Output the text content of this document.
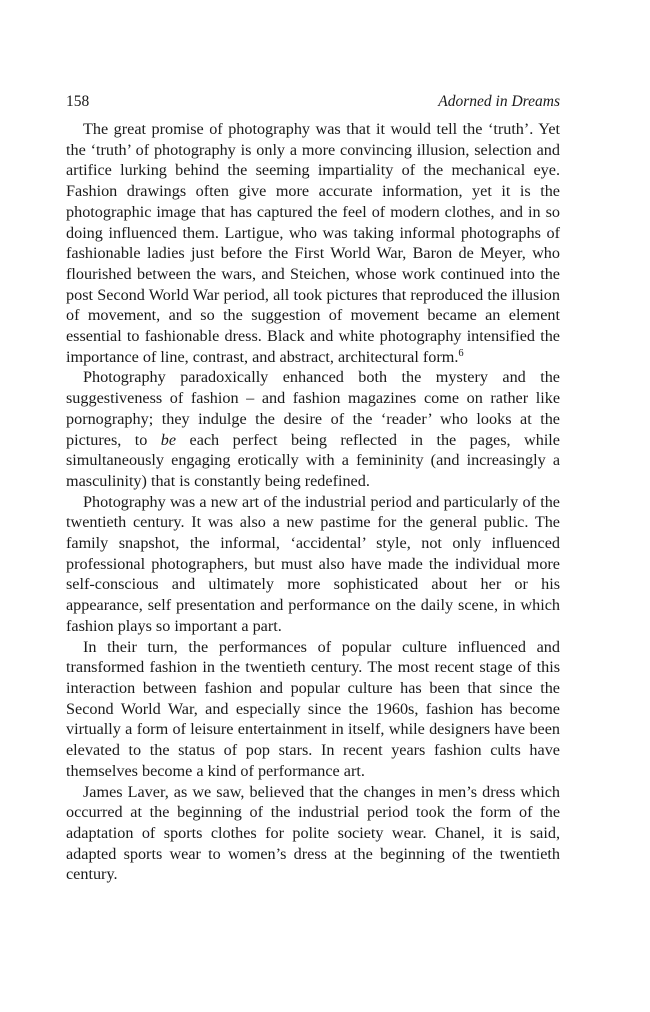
158	Adorned in Dreams

The great promise of photography was that it would tell the ‘truth’. Yet the ‘truth’ of photography is only a more convincing illusion, selection and artifice lurking behind the seeming impartiality of the mechanical eye. Fashion drawings often give more accurate information, yet it is the photographic image that has captured the feel of modern clothes, and in so doing influenced them. Lartigue, who was taking informal photographs of fashionable ladies just before the First World War, Baron de Meyer, who flourished between the wars, and Steichen, whose work continued into the post Second World War period, all took pictures that reproduced the illusion of movement, and so the suggestion of movement became an element essential to fashionable dress. Black and white photography intensified the importance of line, contrast, and abstract, architectural form.$^6$

Photography paradoxically enhanced both the mystery and the suggestiveness of fashion – and fashion magazines come on rather like pornography; they indulge the desire of the ‘reader’ who looks at the pictures, to be each perfect being reflected in the pages, while simultaneously engaging erotically with a femininity (and increasingly a masculinity) that is constantly being redefined.

Photography was a new art of the industrial period and particularly of the twentieth century. It was also a new pastime for the general public. The family snapshot, the informal, ‘accidental’ style, not only influenced professional photographers, but must also have made the individual more self-conscious and ultimately more sophisticated about her or his appearance, self presentation and performance on the daily scene, in which fashion plays so important a part.

In their turn, the performances of popular culture influenced and transformed fashion in the twentieth century. The most recent stage of this interaction between fashion and popular culture has been that since the Second World War, and especially since the 1960s, fashion has become virtually a form of leisure entertainment in itself, while designers have been elevated to the status of pop stars. In recent years fashion cults have themselves become a kind of performance art.

James Laver, as we saw, believed that the changes in men’s dress which occurred at the beginning of the industrial period took the form of the adaptation of sports clothes for polite society wear. Chanel, it is said, adapted sports wear to women’s dress at the beginning of the twentieth century.
